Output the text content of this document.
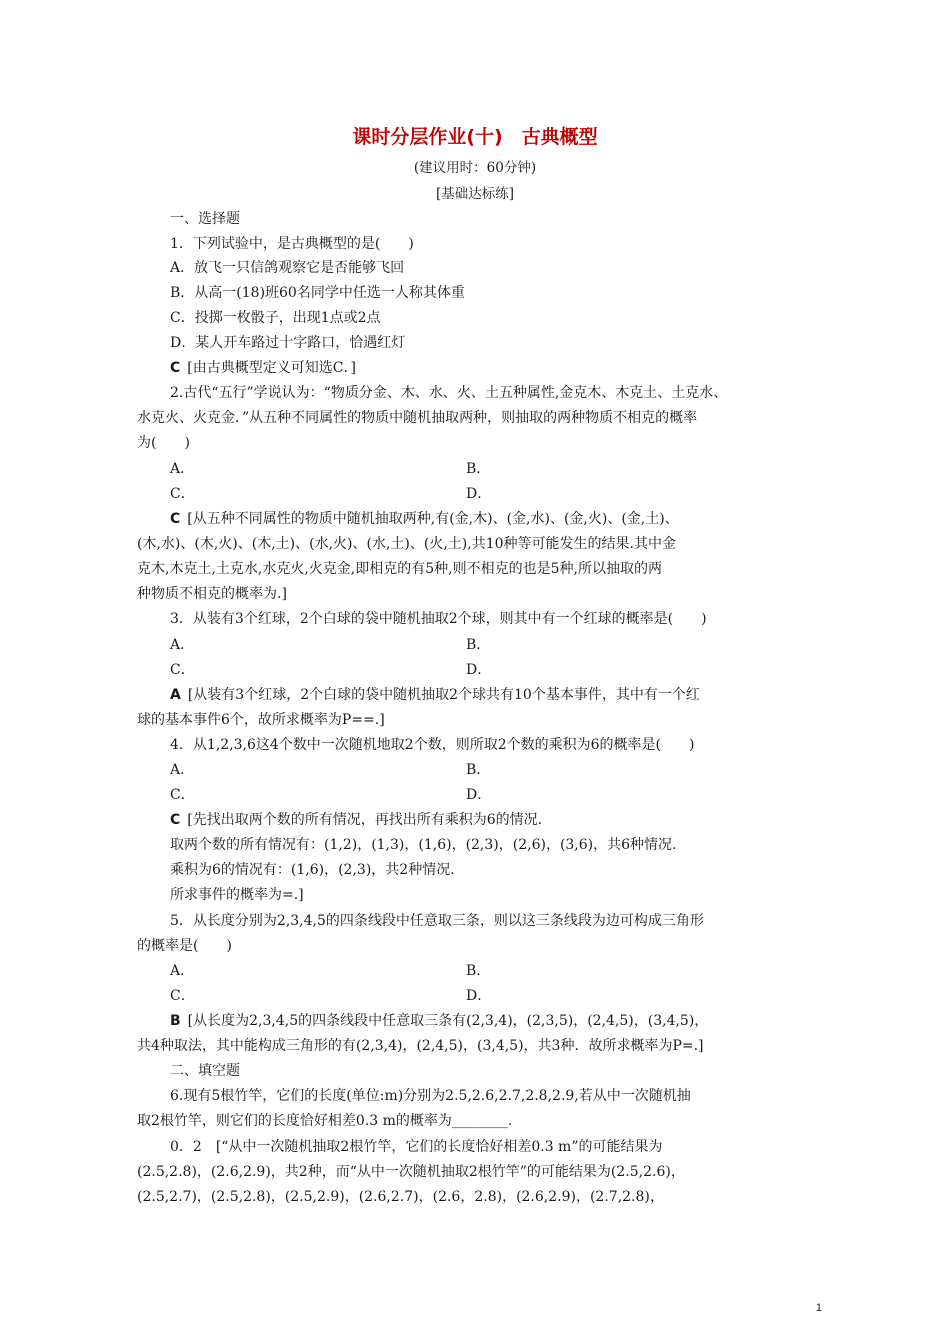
课时分层作业(十)　古典概型
(建议用时：60分钟)
[基础达标练]
一、选择题
1．下列试验中，是古典概型的是(　　)
A．放飞一只信鸽观察它是否能够飞回
B．从高一(18)班60名同学中任选一人称其体重
C．投掷一枚骰子，出现1点或2点
D．某人开车路过十字路口，恰遇红灯
C  [由古典概型定义可知选C．]
2.古代“五行”学说认为：“物质分金、木、水、火、土五种属性,金克木、木克土、土克水、
水克火、火克金．”从五种不同属性的物质中随机抽取两种，则抽取的两种物质不相克的概率
为(　　)
A．	B．
C．	D．
C  [从五种不同属性的物质中随机抽取两种,有(金,木)、(金,水)、(金,火)、(金,土)、
(木,水)、(木,火)、(木,土)、(水,火)、(水,土)、(火,土),共10种等可能发生的结果.其中金
克木,木克土,土克水,水克火,火克金,即相克的有5种,则不相克的也是5种,所以抽取的两
种物质不相克的概率为.]
3．从装有3个红球，2个白球的袋中随机抽取2个球，则其中有一个红球的概率是(　　)
A．	B．
C．	D．
A  [从装有3个红球，2个白球的袋中随机抽取2个球共有10个基本事件，其中有一个红
球的基本事件6个，故所求概率为P==.]
4．从1,2,3,6这4个数中一次随机地取2个数，则所取2个数的乘积为6的概率是(　　)
A．	B．
C．	D．
C  [先找出取两个数的所有情况，再找出所有乘积为6的情况.
取两个数的所有情况有：(1,2)，(1,3)，(1,6)，(2,3)，(2,6)，(3,6)，共6种情况.
乘积为6的情况有：(1,6)，(2,3)，共2种情况.
所求事件的概率为=.]
5．从长度分别为2,3,4,5的四条线段中任意取三条，则以这三条线段为边可构成三角形
的概率是(　　)
A．	B．
C．	D．
B  [从长度为2,3,4,5的四条线段中任意取三条有(2,3,4)，(2,3,5)，(2,4,5)，(3,4,5)，
共4种取法，其中能构成三角形的有(2,3,4)，(2,4,5)，(3,4,5)，共3种．故所求概率为P=.]
二、填空题
6.现有5根竹竿，它们的长度(单位:m)分别为2.5,2.6,2.7,2.8,2.9,若从中一次随机抽
取2根竹竿，则它们的长度恰好相差0.3 m的概率为________.
0．2　[“从中一次随机抽取2根竹竿，它们的长度恰好相差0.3 m”的可能结果为
(2.5,2.8)，(2.6,2.9)，共2种，而“从中一次随机抽取2根竹竿”的可能结果为(2.5,2.6)，
(2.5,2.7)，(2.5,2.8)，(2.5,2.9)，(2.6,2.7)，(2.6，2.8)，(2.6,2.9)，(2.7,2.8)，
1
